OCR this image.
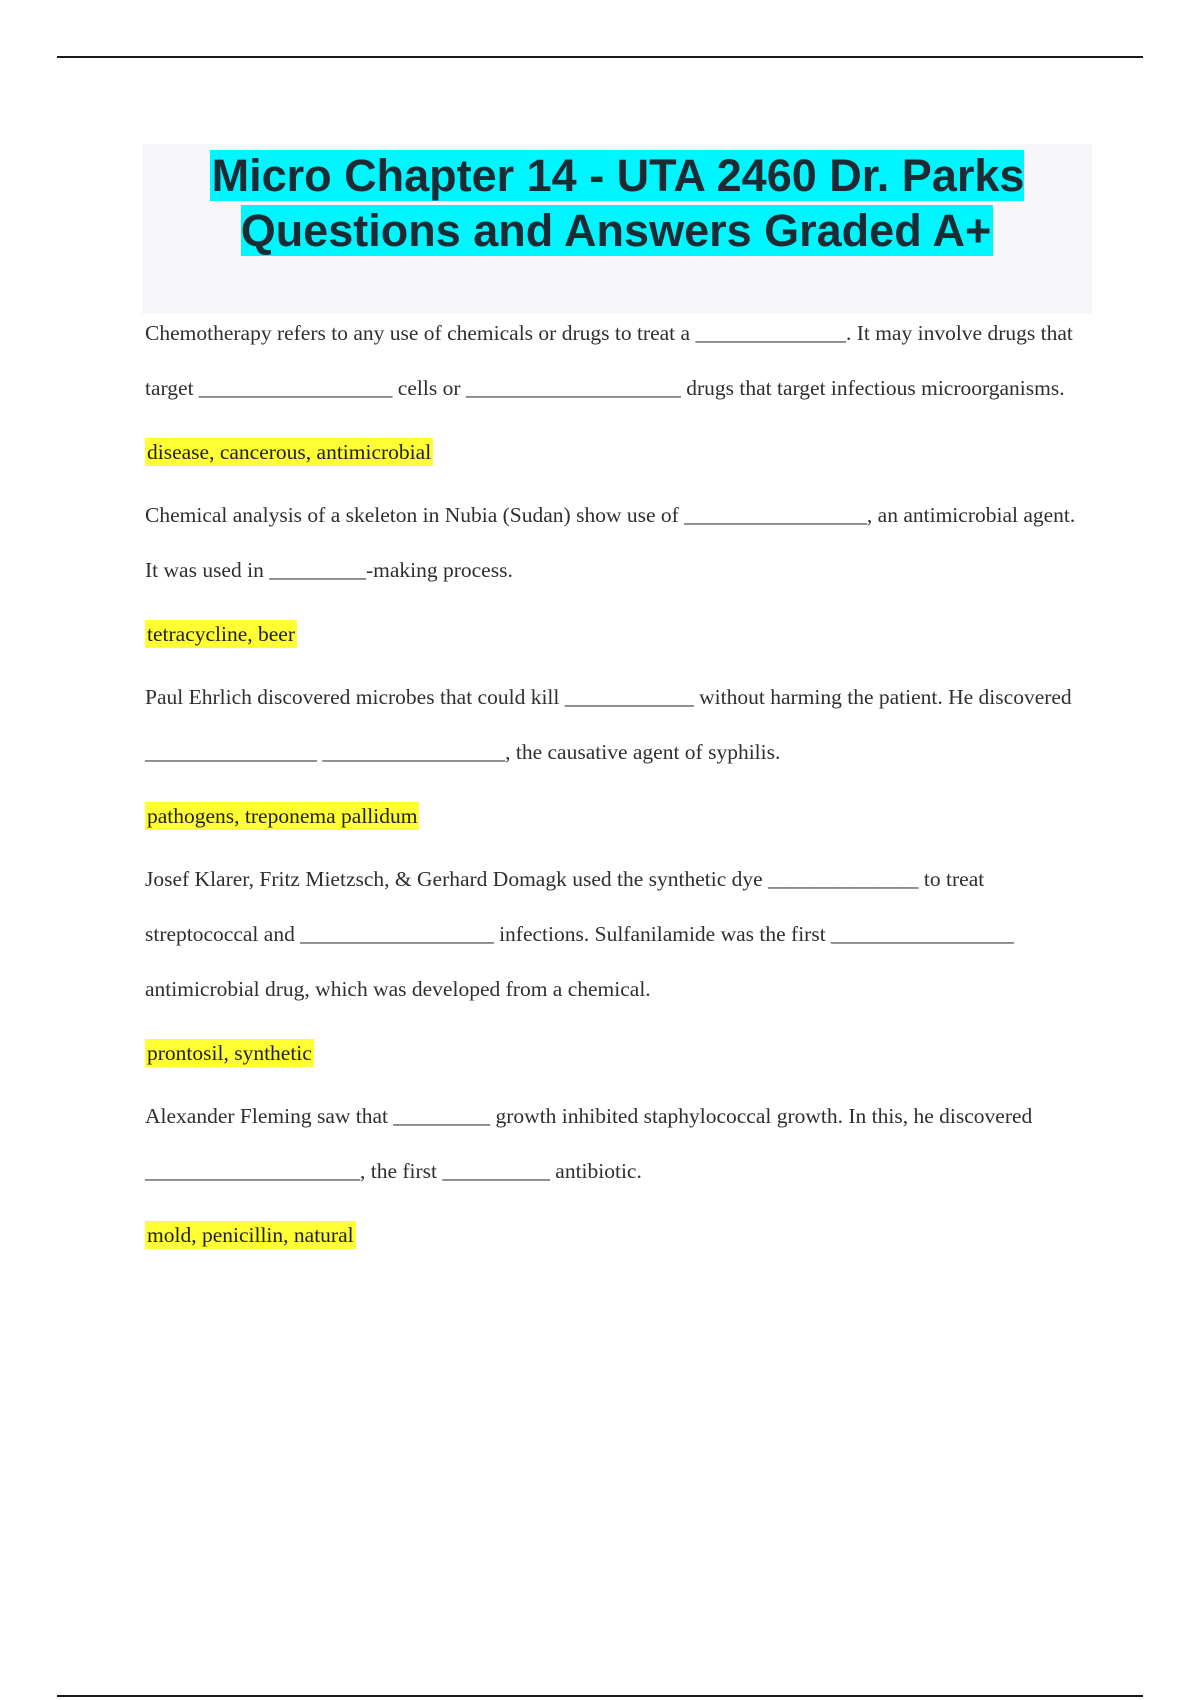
Micro Chapter 14 - UTA 2460 Dr. Parks Questions and Answers Graded A+

Chemotherapy refers to any use of chemicals or drugs to treat a ______________. It may involve drugs that target __________________ cells or ____________________ drugs that target infectious microorganisms.

disease, cancerous, antimicrobial

Chemical analysis of a skeleton in Nubia (Sudan) show use of _________________, an antimicrobial agent. It was used in _________-making process.

tetracycline, beer

Paul Ehrlich discovered microbes that could kill ____________ without harming the patient. He discovered ________________ _________________, the causative agent of syphilis.

pathogens, treponema pallidum

Josef Klarer, Fritz Mietzsch, & Gerhard Domagk used the synthetic dye ______________ to treat streptococcal and __________________ infections. Sulfanilamide was the first _________________ antimicrobial drug, which was developed from a chemical.

prontosil, synthetic

Alexander Fleming saw that _________ growth inhibited staphylococcal growth. In this, he discovered ____________________, the first __________ antibiotic.

mold, penicillin, natural
